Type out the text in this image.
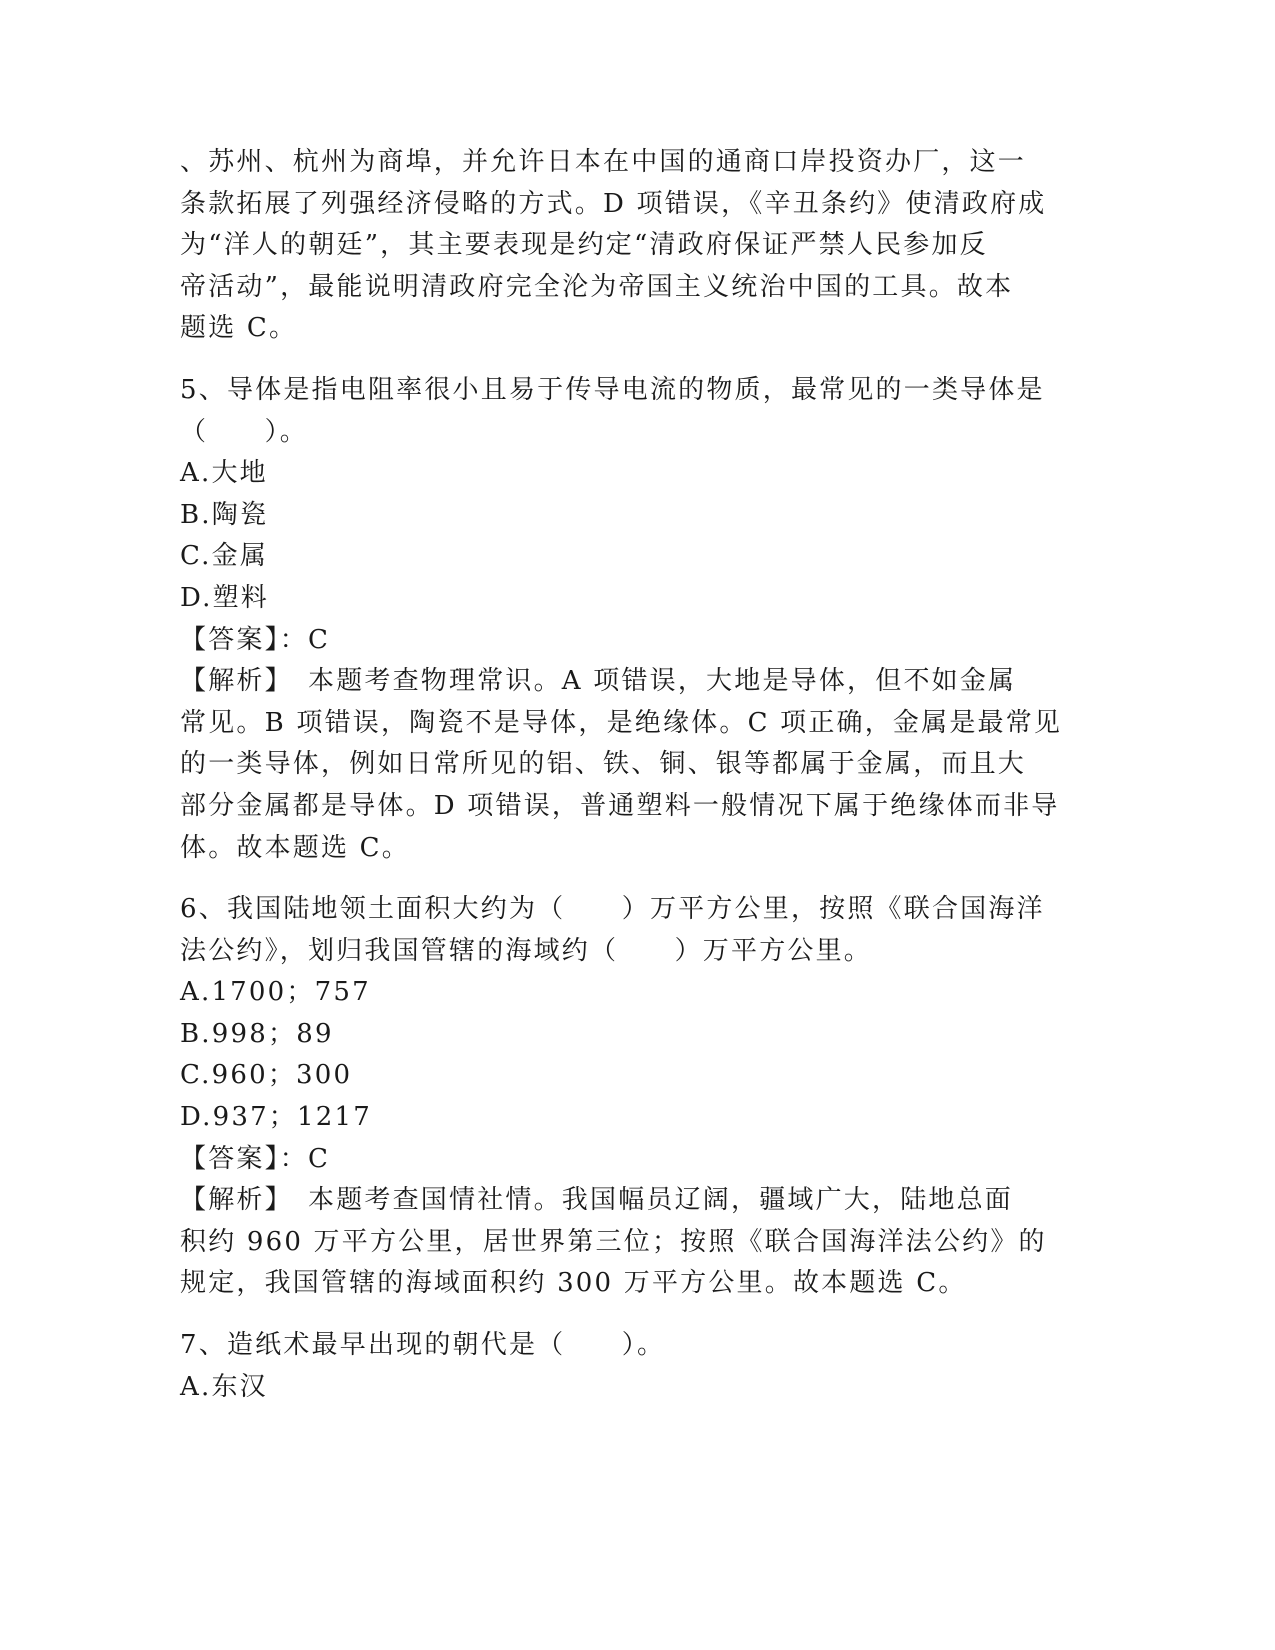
、苏州、杭州为商埠，并允许日本在中国的通商口岸投资办厂，这一
条款拓展了列强经济侵略的方式。D 项错误，《辛丑条约》使清政府成
为“洋人的朝廷”，其主要表现是约定“清政府保证严禁人民参加反
帝活动”，最能说明清政府完全沦为帝国主义统治中国的工具。故本
题选 C。
5、导体是指电阻率很小且易于传导电流的物质，最常见的一类导体是
（　　）。
A.大地
B.陶瓷
C.金属
D.塑料
【答案】：C
【解析】　本题考查物理常识。A 项错误，大地是导体，但不如金属
常见。B 项错误，陶瓷不是导体，是绝缘体。C 项正确，金属是最常见
的一类导体，例如日常所见的铝、铁、铜、银等都属于金属，而且大
部分金属都是导体。D 项错误，普通塑料一般情况下属于绝缘体而非导
体。故本题选 C。
6、我国陆地领土面积大约为（　　）万平方公里，按照《联合国海洋
法公约》，划归我国管辖的海域约（　　）万平方公里。
A.1700；757
B.998；89
C.960；300
D.937；1217
【答案】：C
【解析】　本题考查国情社情。我国幅员辽阔，疆域广大，陆地总面
积约 960 万平方公里，居世界第三位；按照《联合国海洋法公约》的
规定，我国管辖的海域面积约 300 万平方公里。故本题选 C。
7、造纸术最早出现的朝代是（　　）。
A.东汉
